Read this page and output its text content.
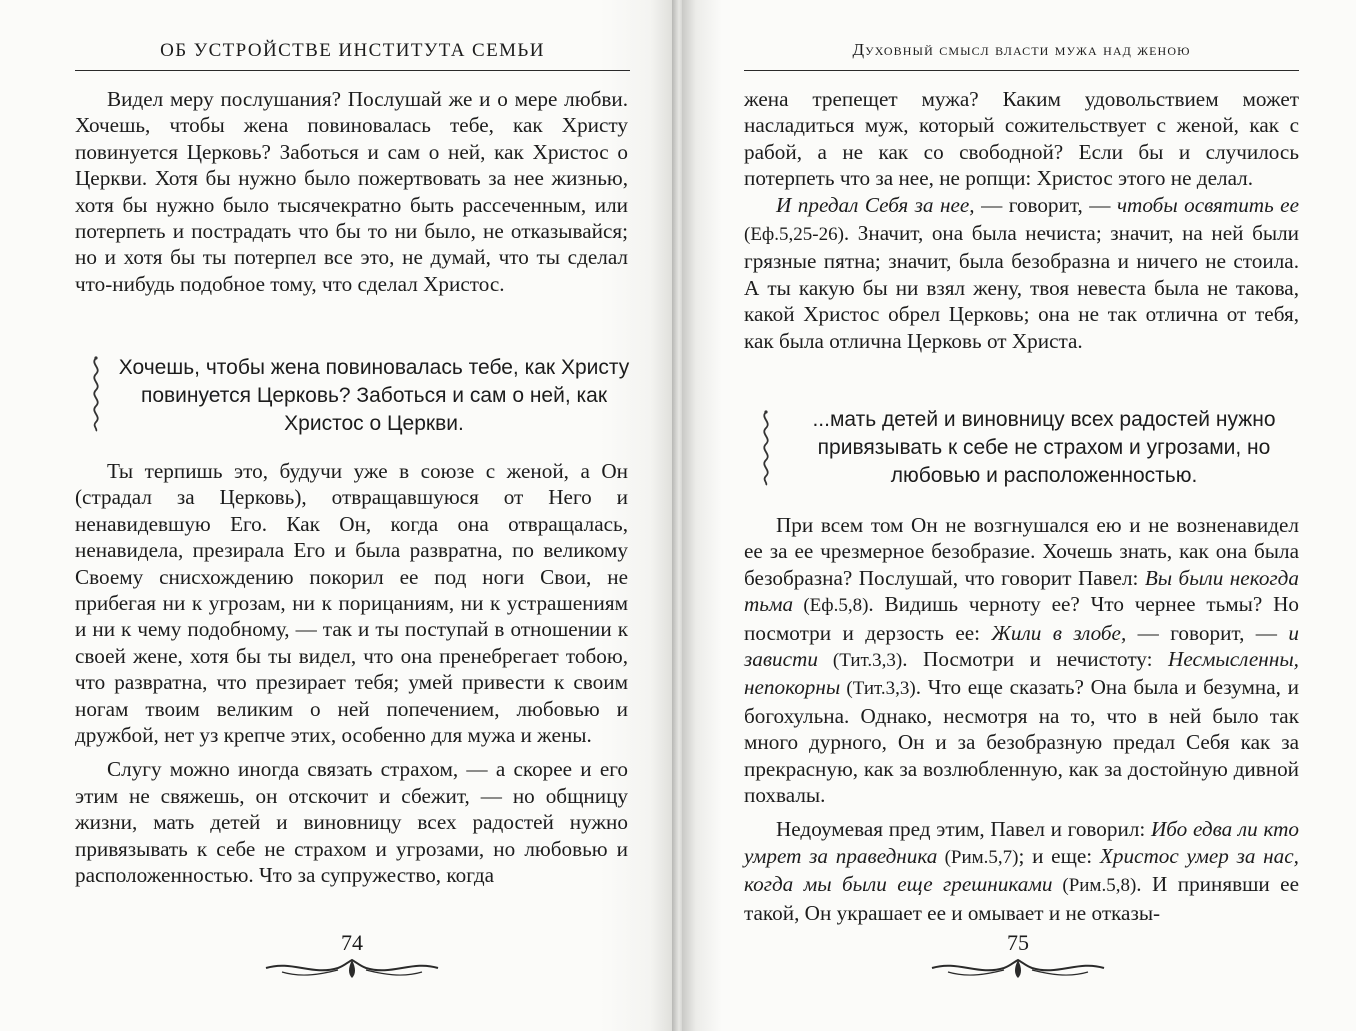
ОБ УСТРОЙСТВЕ ИНСТИТУТА СЕМЬИ

Видел меру послушания? Послушай же и о мере любви. Хочешь, чтобы жена повиновалась тебе, как Христу повинуется Церковь? Заботься и сам о ней, как Христос о Церкви. Хотя бы нужно было пожертвовать за нее жизнью, хотя бы нужно было тысячекратно быть рассеченным, или потерпеть и пострадать что бы то ни было, не отказывайся; но и хотя бы ты потерпел все это, не думай, что ты сделал что-нибудь подобное тому, что сделал Христос.

Хочешь, чтобы жена повиновалась тебе, как Христу повинуется Церковь? Заботься и сам о ней, как Христос о Церкви.

Ты терпишь это, будучи уже в союзе с женой, а Он (страдал за Церковь), отвращавшуюся от Него и ненавидевшую Его. Как Он, когда она отвращалась, ненавидела, презирала Его и была развратна, по великому Своему снисхождению покорил ее под ноги Свои, не прибегая ни к угрозам, ни к порицаниям, ни к устрашениям и ни к чему подобному, — так и ты поступай в отношении к своей жене, хотя бы ты видел, что она пренебрегает тобою, что развратна, что презирает тебя; умей привести к своим ногам твоим великим о ней попечением, любовью и дружбой, нет уз крепче этих, особенно для мужа и жены.

Слугу можно иногда связать страхом, — а скорее и его этим не свяжешь, он отскочит и сбежит, — но общницу жизни, мать детей и виновницу всех радостей нужно привязывать к себе не страхом и угрозами, но любовью и расположенностью. Что за супружество, когда

74
Духовный смысл власти мужа над женою

жена трепещет мужа? Каким удовольствием может насладиться муж, который сожительствует с женой, как с рабой, а не как со свободной? Если бы и случилось потерпеть что за нее, не ропщи: Христос этого не делал.

И предал Себя за нее, — говорит, — чтобы освятить ее (Еф.5,25-26). Значит, она была нечиста; значит, на ней были грязные пятна; значит, была безобразна и ничего не стоила. А ты какую бы ни взял жену, твоя невеста была не такова, какой Христос обрел Церковь; она не так отлична от тебя, как была отлична Церковь от Христа.

...мать детей и виновницу всех радостей нужно привязывать к себе не страхом и угрозами, но любовью и расположенностью.

При всем том Он не возгнушался ею и не возненавидел ее за ее чрезмерное безобразие. Хочешь знать, как она была безобразна? Послушай, что говорит Павел: Вы были некогда тьма (Еф.5,8). Видишь черноту ее? Что чернее тьмы? Но посмотри и дерзость ее: Жили в злобе, — говорит, — и зависти (Тит.3,3). Посмотри и нечистоту: Несмысленны, непокорны (Тит.3,3). Что еще сказать? Она была и безумна, и богохульна. Однако, несмотря на то, что в ней было так много дурного, Он и за безобразную предал Себя как за прекрасную, как за возлюбленную, как за достойную дивной похвалы.

Недоумевая пред этим, Павел и говорил: Ибо едва ли кто умрет за праведника (Рим.5,7); и еще: Христос умер за нас, когда мы были еще грешниками (Рим.5,8). И принявши ее такой, Он украшает ее и омывает и не отказы-

75
